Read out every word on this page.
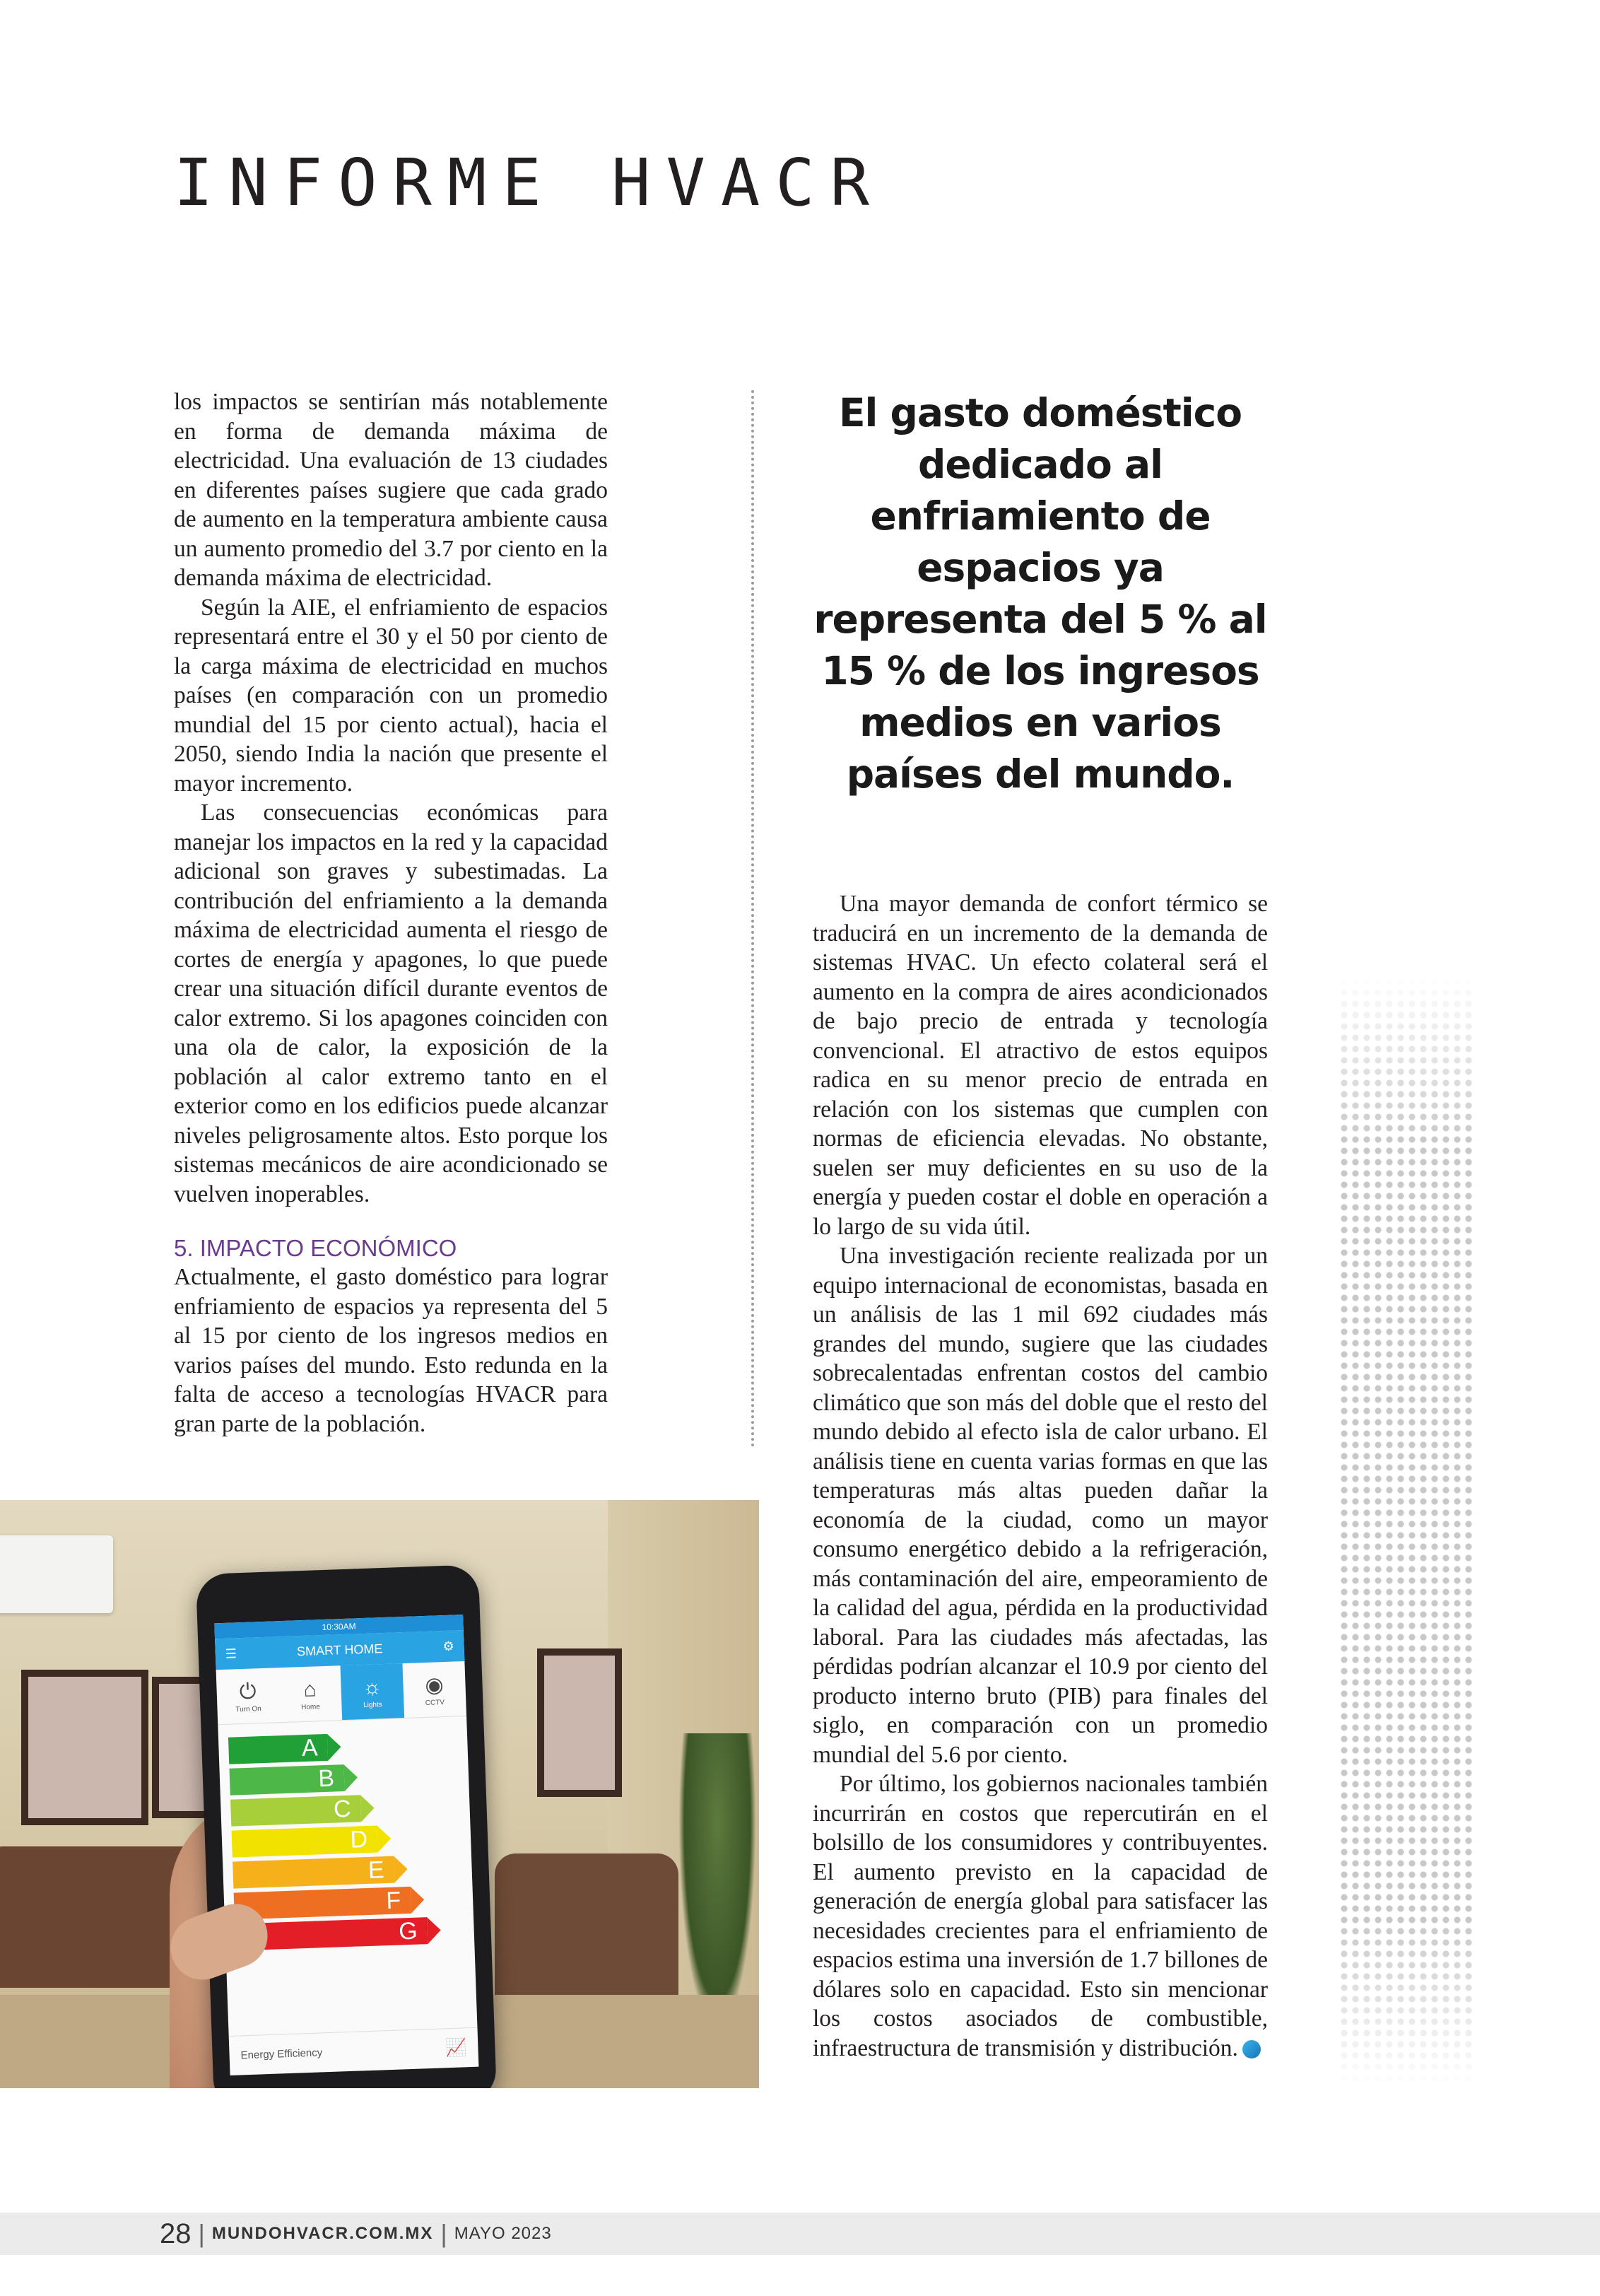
INFORME HVACR

los impactos se sentirían más notablemente en forma de demanda máxima de electricidad. Una evaluación de 13 ciudades en diferentes países sugiere que cada grado de aumento en la temperatura ambiente causa un aumento promedio del 3.7 por ciento en la demanda máxima de electricidad.

Según la AIE, el enfriamiento de espacios representará entre el 30 y el 50 por ciento de la carga máxima de electricidad en muchos países (en comparación con un promedio mundial del 15 por ciento actual), hacia el 2050, siendo India la nación que presente el mayor incremento.

Las consecuencias económicas para manejar los impactos en la red y la capacidad adicional son graves y subestimadas. La contribución del enfriamiento a la demanda máxima de electricidad aumenta el riesgo de cortes de energía y apagones, lo que puede crear una situación difícil durante eventos de calor extremo. Si los apagones coinciden con una ola de calor, la exposición de la población al calor extremo tanto en el exterior como en los edificios puede alcanzar niveles peligrosamente altos. Esto porque los sistemas mecánicos de aire acondicionado se vuelven inoperables.

5. IMPACTO ECONÓMICO

Actualmente, el gasto doméstico para lograr enfriamiento de espacios ya representa del 5 al 15 por ciento de los ingresos medios en varios países del mundo. Esto redunda en la falta de acceso a tecnologías HVACR para gran parte de la población.

El gasto doméstico dedicado al enfriamiento de espacios ya representa del 5 % al 15 % de los ingresos medios en varios países del mundo.

Una mayor demanda de confort térmico se traducirá en un incremento de la demanda de sistemas HVAC. Un efecto colateral será el aumento en la compra de aires acondicionados de bajo precio de entrada y tecnología convencional. El atractivo de estos equipos radica en su menor precio de entrada en relación con los sistemas que cumplen con normas de eficiencia elevadas. No obstante, suelen ser muy deficientes en su uso de la energía y pueden costar el doble en operación a lo largo de su vida útil.

Una investigación reciente realizada por un equipo internacional de economistas, basada en un análisis de las 1 mil 692 ciudades más grandes del mundo, sugiere que las ciudades sobrecalentadas enfrentan costos del cambio climático que son más del doble que el resto del mundo debido al efecto isla de calor urbano. El análisis tiene en cuenta varias formas en que las temperaturas más altas pueden dañar la economía de la ciudad, como un mayor consumo energético debido a la refrigeración, más contaminación del aire, empeoramiento de la calidad del agua, pérdida en la productividad laboral. Para las ciudades más afectadas, las pérdidas podrían alcanzar el 10.9 por ciento del producto interno bruto (PIB) para finales del siglo, en comparación con un promedio mundial del 5.6 por ciento.

Por último, los gobiernos nacionales también incurrirán en costos que repercutirán en el bolsillo de los consumidores y contribuyentes. El aumento previsto en la capacidad de generación de energía global para satisfacer las necesidades crecientes para el enfriamiento de espacios estima una inversión de 1.7 billones de dólares solo en capacidad. Esto sin mencionar los costos asociados de combustible, infraestructura de transmisión y distribución.

10:30AM
☰	SMART HOME	⚙
⏻
Turn On
⌂
Home
☼
Lights
◉
CCTV
A
B
C
D
E
F
G
Energy Efficiency	📈
28 | MUNDOHVACR.COM.MX | MAYO 2023
